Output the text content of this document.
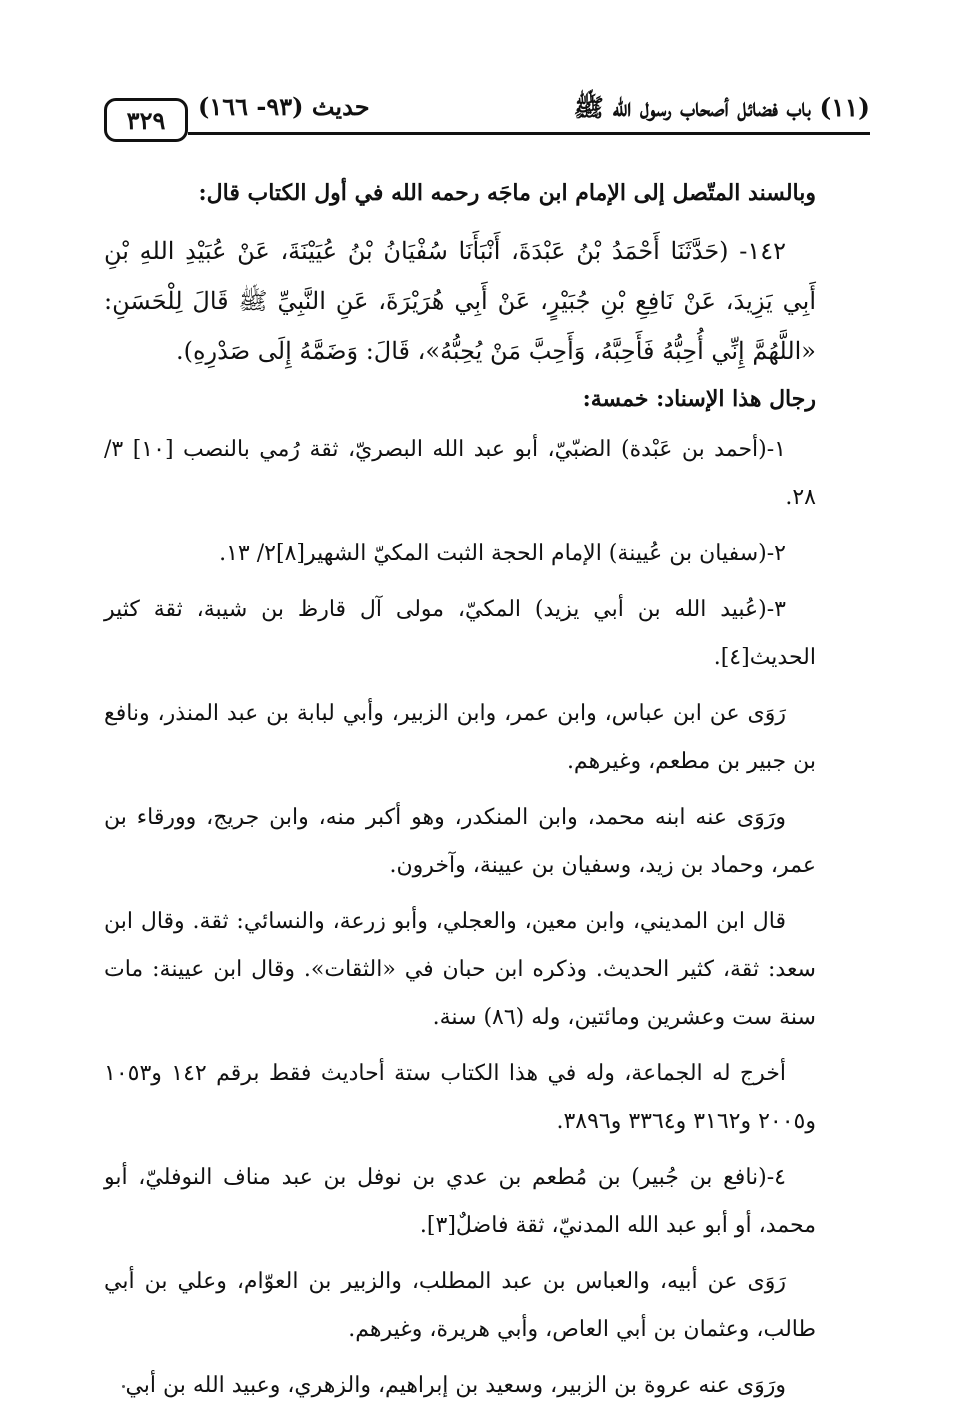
(١١) باب فضائل أصحاب رسول الله ﷺ
حديث (٩٣- ١٦٦)
٣٢٩
وبالسند المتّصل إلى الإمام ابن ماجَه رحمه الله في أول الكتاب قال:
١٤٢- (حَدَّثَنَا أَحْمَدُ بْنُ عَبْدَةَ، أَنْبَأَنَا سُفْيَانُ بْنُ عُيَيْنَةَ، عَنْ عُبَيْدِ اللهِ بْنِ أَبِي يَزِيدَ، عَنْ نَافِعِ بْنِ جُبَيْرٍ، عَنْ أَبِي هُرَيْرَةَ، عَنِ النَّبِيِّ ﷺ قَالَ لِلْحَسَنِ: «اللَّهُمَّ إِنِّي أُحِبُّهُ فَأَحِبَّهُ، وَأَحِبَّ مَنْ يُحِبُّهُ»، قَالَ: وَضَمَّهُ إِلَى صَدْرِهِ).
رجال هذا الإسناد: خمسة:
١-(أحمد بن عَبْدة) الضبّيّ، أبو عبد الله البصريّ، ثقة رُمي بالنصب [١٠] ٣/ ٢٨.
٢-(سفيان بن عُيينة) الإمام الحجة الثبت المكيّ الشهير[٨]٢/ ١٣.
٣-(عُبيد الله بن أبي يزيد) المكيّ، مولى آل قارظ بن شيبة، ثقة كثير الحديث[٤].
رَوَى عن ابن عباس، وابن عمر، وابن الزبير، وأبي لبابة بن عبد المنذر، ونافع بن جبير بن مطعم، وغيرهم.
ورَوَى عنه ابنه محمد، وابن المنكدر، وهو أكبر منه، وابن جريج، وورقاء بن عمر، وحماد بن زيد، وسفيان بن عيينة، وآخرون.
قال ابن المديني، وابن معين، والعجلي، وأبو زرعة، والنسائي: ثقة. وقال ابن سعد: ثقة، كثير الحديث. وذكره ابن حبان في «الثقات». وقال ابن عيينة: مات سنة ست وعشرين ومائتين، وله (٨٦) سنة.
أخرج له الجماعة، وله في هذا الكتاب ستة أحاديث فقط برقم ١٤٢ و١٠٥٣ و٢٠٠٥ و٣١٦٢ و٣٣٦٤ و٣٨٩٦.
٤-(نافع بن جُبير) بن مُطعم بن عدي بن نوفل بن عبد مناف النوفليّ، أبو محمد، أو أبو عبد الله المدنيّ، ثقة فاضلٌ[٣].
رَوَى عن أبيه، والعباس بن عبد المطلب، والزبير بن العوّام، وعلي بن أبي طالب، وعثمان بن أبي العاص، وأبي هريرة، وغيرهم.
ورَوَى عنه عروة بن الزبير، وسعيد بن إبراهيم، والزهري، وعبيد الله بن أبي
